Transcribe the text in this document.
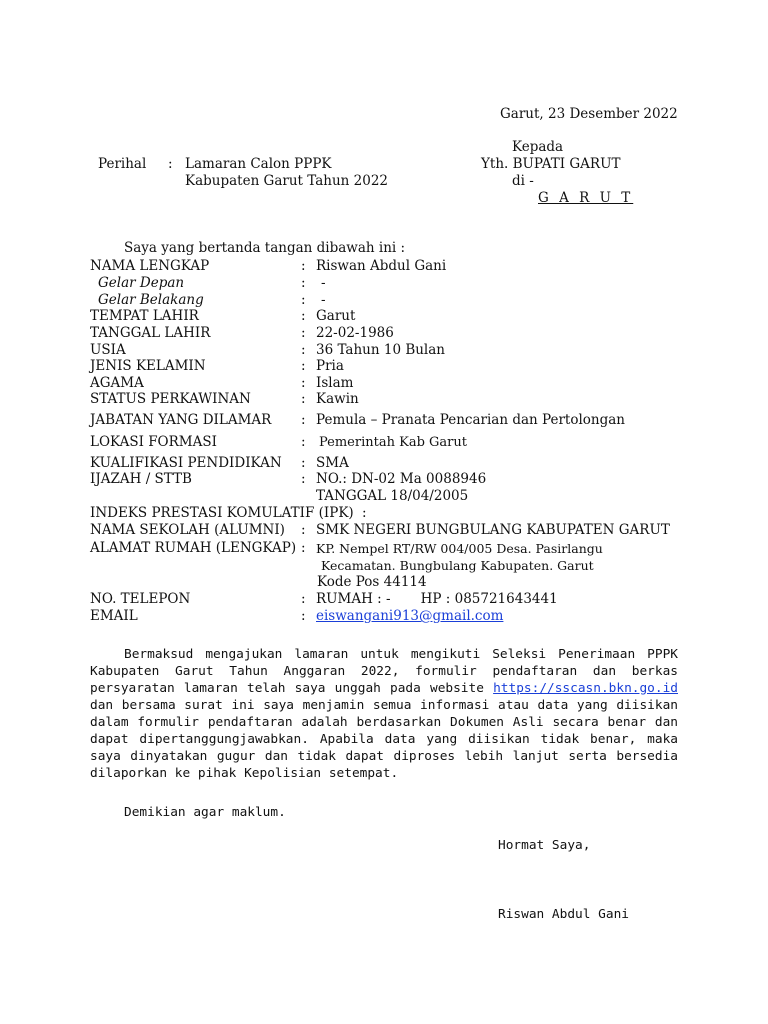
Garut, 23 Desember 2022
Kepada
Yth. BUPATI GARUT
di -
G A R U T
Perihal : Lamaran Calon PPPK
Kabupaten Garut Tahun 2022
Saya yang bertanda tangan dibawah ini :
NAMA LENGKAP	: Riswan Abdul Gani
Gelar Depan	: -
Gelar Belakang	: -
TEMPAT LAHIR	: Garut
TANGGAL LAHIR	: 22-02-1986
USIA	: 36 Tahun 10 Bulan
JENIS KELAMIN	: Pria
AGAMA	: Islam
STATUS PERKAWINAN	: Kawin
JABATAN YANG DILAMAR : Pemula – Pranata Pencarian dan Pertolongan
LOKASI FORMASI	: Pemerintah Kab Garut
KUALIFIKASI PENDIDIKAN : SMA
IJAZAH / STTB	: NO.: DN-02 Ma 0088946
TANGGAL 18/04/2005
INDEKS PRESTASI KOMULATIF (IPK) :
NAMA SEKOLAH (ALUMNI) : SMK NEGERI BUNGBULANG KABUPATEN GARUT
ALAMAT RUMAH (LENGKAP) : KP. Nempel RT/RW 004/005 Desa. Pasirlangu
Kecamatan. Bungbulang Kabupaten. Garut
Kode Pos 44114
NO. TELEPON	: RUMAH : -       HP : 085721643441
EMAIL	: eiswangani913@gmail.com
Bermaksud mengajukan lamaran untuk mengikuti Seleksi Penerimaan PPPK Kabupaten Garut Tahun Anggaran 2022, formulir pendaftaran dan berkas persyaratan lamaran telah saya unggah pada website https://sscasn.bkn.go.id dan bersama surat ini saya menjamin semua informasi atau data yang diisikan dalam formulir pendaftaran adalah berdasarkan Dokumen Asli secara benar dan dapat dipertanggungjawabkan. Apabila data yang diisikan tidak benar, maka saya dinyatakan gugur dan tidak dapat diproses lebih lanjut serta bersedia dilaporkan ke pihak Kepolisian setempat.
Demikian agar maklum.
Hormat Saya,
Riswan Abdul Gani
